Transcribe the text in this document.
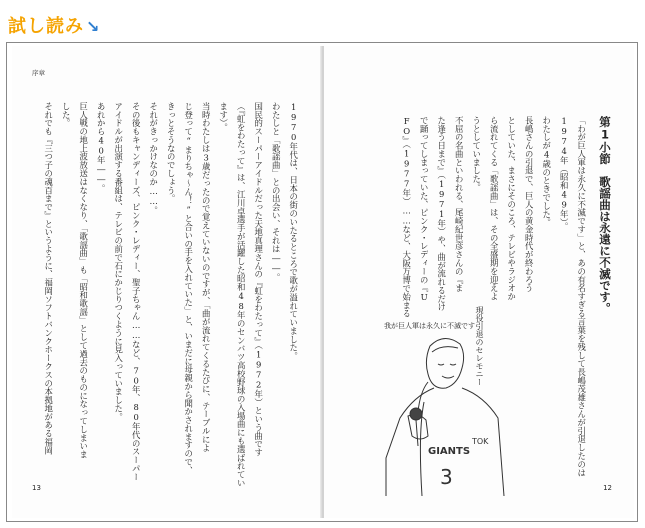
試し読み ↘
序章
1970年代は、日本の街のいたるところで歌が溢れていました。
わたしと「歌謡曲」との出会い、それは――。
国民的スーパーアイドルだった天地真理さんの『虹をわたって』（1972年）という曲です
（『虹をわたって』は、江川卓選手が活躍した昭和48年のセンバツ高校野球の入場曲にも選ばれてい
ます）。
当時わたしは3歳だったので覚えていないのですが、「曲が流れてくるたびに、テーブルによ
じ登って“まりちゃ～ん！”と合いの手を入れていた」と、いまだに母親から聞かされますので、
きっとそうなのでしょう。
それがきっかけなのか……。
その後もキャンディーズ、ピンク・レディー、聖子ちゃん……など、70年、80年代のスーパー
アイドルが出演する番組は、テレビの前で石にかじりつくように見入っていました。
あれから40年――。
巨人戦の地上波放送はなくなり、「歌謡曲」も「昭和歌謡」として過去のものになってしまいま
した。
それでも『三つ子の魂百まで』というように、福岡ソフトバンクホークスの本拠地がある福岡
13
第1小節　歌謡曲は永遠に不滅です。
「わが巨人軍は永久に不滅です」と、あの有名すぎる言葉を残して長嶋茂雄さんが引退したのは
1974年（昭和49年）。
わたしが4歳のときでした。
長嶋さんの引退で、巨人の黄金時代が終わろう
としていた、まさにそのころ、テレビやラジオか
ら流れてくる「歌謡曲」は、その全盛期を迎えよ
うとしていました。
不屈の名曲といわれる、尾崎紀世彦さんの『ま
た逢う日まで』（1971年）や、曲が流れるだけ
で踊ってしまっていた、ピンク・レディーの『U
FO』（1977年）……など、大阪万博で始まる
GIANTS
TOK
3
現役引退のセレモニー
我が巨人軍は永久に不滅です
12
